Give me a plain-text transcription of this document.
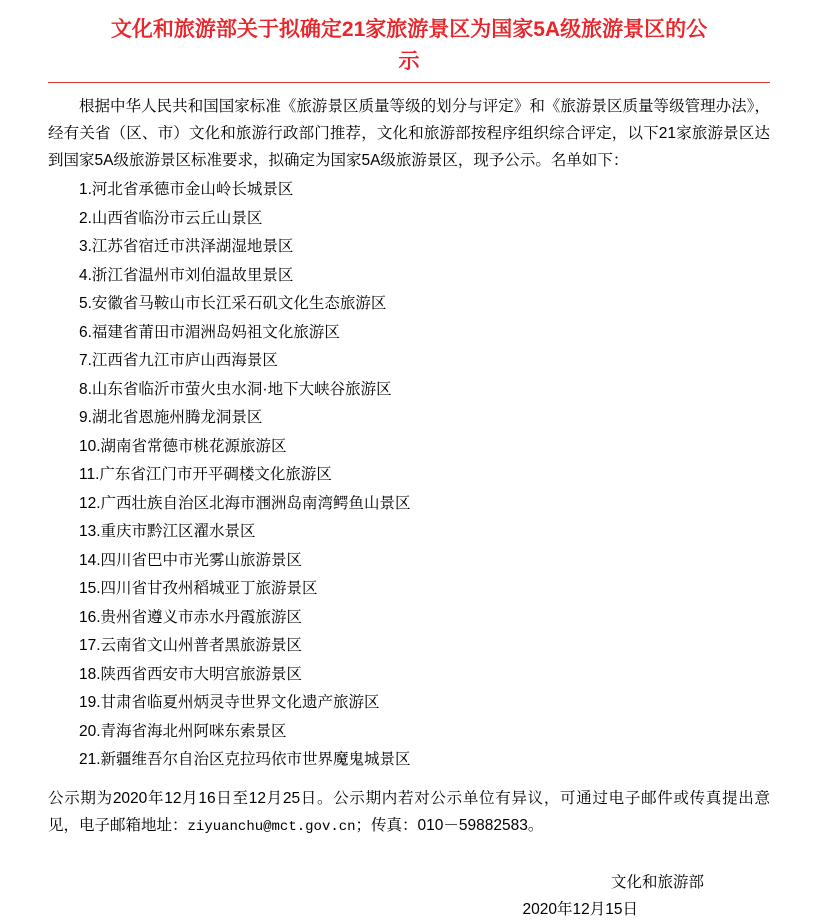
文化和旅游部关于拟确定21家旅游景区为国家5A级旅游景区的公
示

根据中华人民共和国国家标准《旅游景区质量等级的划分与评定》和《旅游景区质量等级管理办法》，经有关省（区、市）文化和旅游行政部门推荐，文化和旅游部按程序组织综合评定，以下21家旅游景区达到国家5A级旅游景区标准要求，拟确定为国家5A级旅游景区，现予公示。名单如下：

1.河北省承德市金山岭长城景区
2.山西省临汾市云丘山景区
3.江苏省宿迁市洪泽湖湿地景区
4.浙江省温州市刘伯温故里景区
5.安徽省马鞍山市长江采石矶文化生态旅游区
6.福建省莆田市湄洲岛妈祖文化旅游区
7.江西省九江市庐山西海景区
8.山东省临沂市萤火虫水洞·地下大峡谷旅游区
9.湖北省恩施州腾龙洞景区
10.湖南省常德市桃花源旅游区
11.广东省江门市开平碉楼文化旅游区
12.广西壮族自治区北海市涠洲岛南湾鳄鱼山景区
13.重庆市黔江区濯水景区
14.四川省巴中市光雾山旅游景区
15.四川省甘孜州稻城亚丁旅游景区
16.贵州省遵义市赤水丹霞旅游区
17.云南省文山州普者黑旅游景区
18.陕西省西安市大明宫旅游景区
19.甘肃省临夏州炳灵寺世界文化遗产旅游区
20.青海省海北州阿咪东索景区
21.新疆维吾尔自治区克拉玛依市世界魔鬼城景区

公示期为2020年12月16日至12月25日。公示期内若对公示单位有异议，可通过电子邮件或传真提出意见，电子邮箱地址：ziyuanchu@mct.gov.cn；传真：010－59882583。

文化和旅游部
2020年12月15日
